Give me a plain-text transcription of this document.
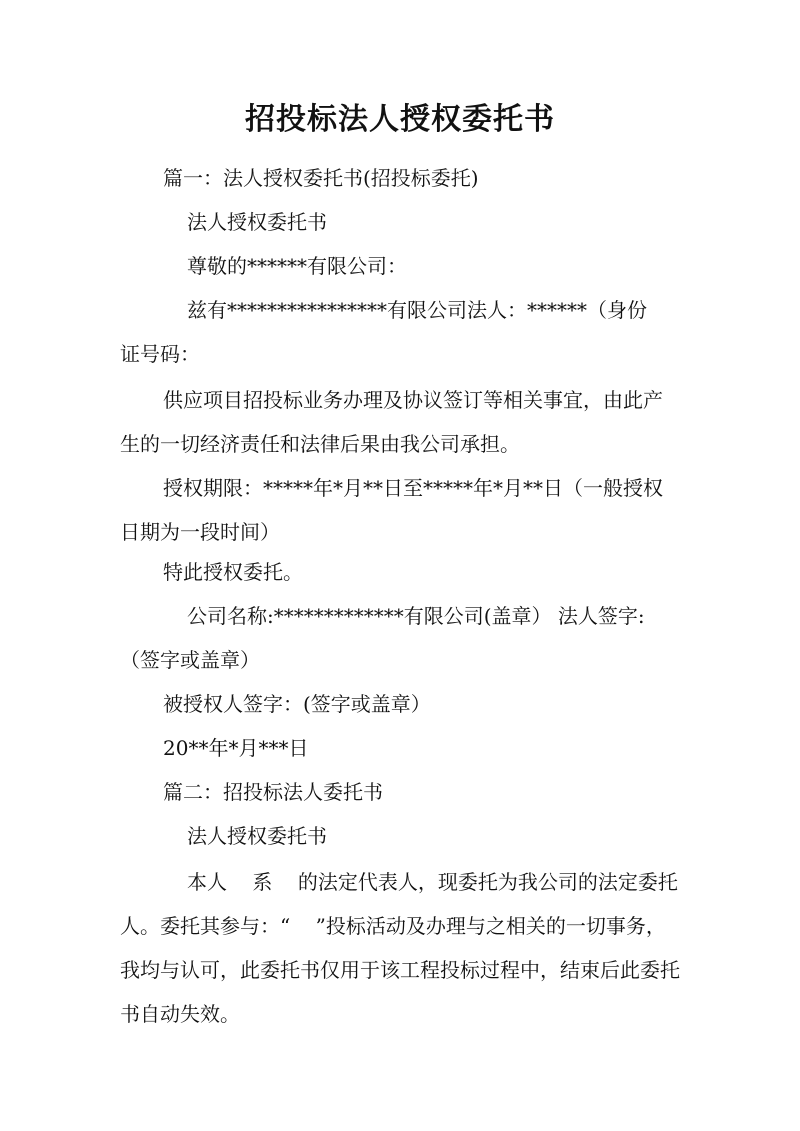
招投标法人授权委托书
篇一：法人授权委托书(招投标委托)
法人授权委托书
尊敬的******有限公司：
兹有****************有限公司法人：******（身份
证号码：
供应项目招投标业务办理及协议签订等相关事宜，由此产生的一切经济责任和法律后果由我公司承担。
授权期限：*****年*月**日至*****年*月**日（一般授权日期为一段时间）
特此授权委托。
公司名称:*************有限公司(盖章） 法人签字:
（签字或盖章）
被授权人签字：(签字或盖章）
20**年*月***日
篇二：招投标法人委托书
法人授权委托书
本人    系    的法定代表人，现委托为我公司的法定委托人。委托其参与：“    ”投标活动及办理与之相关的一切事务，我均与认可，此委托书仅用于该工程投标过程中，结束后此委托书自动失效。
